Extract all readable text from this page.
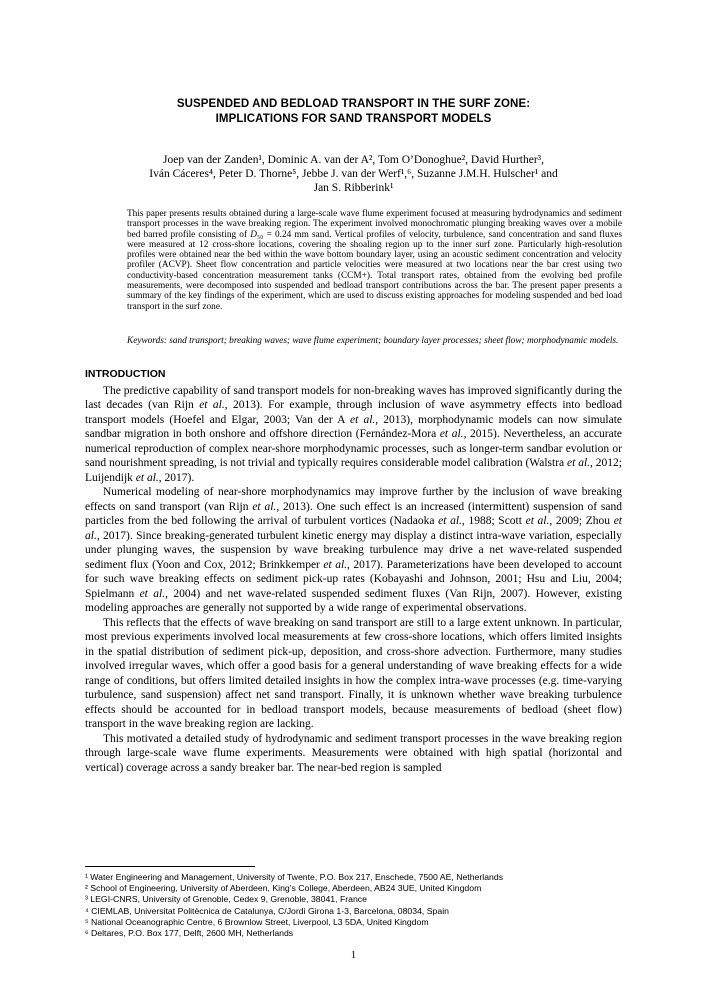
SUSPENDED AND BEDLOAD TRANSPORT IN THE SURF ZONE:
IMPLICATIONS FOR SAND TRANSPORT MODELS
Joep van der Zanden¹, Dominic A. van der A², Tom O’Donoghue², David Hurther³,
Iván Cáceres⁴, Peter D. Thorne⁵, Jebbe J. van der Werf¹,⁶, Suzanne J.M.H. Hulscher¹ and
Jan S. Ribberink¹

This paper presents results obtained during a large-scale wave flume experiment focused at measuring hydrodynamics and sediment transport processes in the wave breaking region. The experiment involved monochromatic plunging breaking waves over a mobile bed barred profile consisting of D₅₀ = 0.24 mm sand. Vertical profiles of velocity, turbulence, sand concentration and sand fluxes were measured at 12 cross-shore locations, covering the shoaling region up to the inner surf zone. Particularly high-resolution profiles were obtained near the bed within the wave bottom boundary layer, using an acoustic sediment concentration and velocity profiler (ACVP). Sheet flow concentration and particle velocities were measured at two locations near the bar crest using two conductivity-based concentration measurement tanks (CCM+). Total transport rates, obtained from the evolving bed profile measurements, were decomposed into suspended and bedload transport contributions across the bar. The present paper presents a summary of the key findings of the experiment, which are used to discuss existing approaches for modeling suspended and bed load transport in the surf zone.

Keywords: sand transport; breaking waves; wave flume experiment; boundary layer processes; sheet flow; morphodynamic models.

INTRODUCTION

The predictive capability of sand transport models for non-breaking waves has improved significantly during the last decades (van Rijn et al., 2013). For example, through inclusion of wave asymmetry effects into bedload transport models (Hoefel and Elgar, 2003; Van der A et al., 2013), morphodynamic models can now simulate sandbar migration in both onshore and offshore direction (Fernández-Mora et al., 2015). Nevertheless, an accurate numerical reproduction of complex near-shore morphodynamic processes, such as longer-term sandbar evolution or sand nourishment spreading, is not trivial and typically requires considerable model calibration (Walstra et al., 2012; Luijendijk et al., 2017).

Numerical modeling of near-shore morphodynamics may improve further by the inclusion of wave breaking effects on sand transport (van Rijn et al., 2013). One such effect is an increased (intermittent) suspension of sand particles from the bed following the arrival of turbulent vortices (Nadaoka et al., 1988; Scott et al., 2009; Zhou et al., 2017). Since breaking-generated turbulent kinetic energy may display a distinct intra-wave variation, especially under plunging waves, the suspension by wave breaking turbulence may drive a net wave-related suspended sediment flux (Yoon and Cox, 2012; Brinkkemper et al., 2017). Parameterizations have been developed to account for such wave breaking effects on sediment pick-up rates (Kobayashi and Johnson, 2001; Hsu and Liu, 2004; Spielmann et al., 2004) and net wave-related suspended sediment fluxes (Van Rijn, 2007). However, existing modeling approaches are generally not supported by a wide range of experimental observations.

This reflects that the effects of wave breaking on sand transport are still to a large extent unknown. In particular, most previous experiments involved local measurements at few cross-shore locations, which offers limited insights in the spatial distribution of sediment pick-up, deposition, and cross-shore advection. Furthermore, many studies involved irregular waves, which offer a good basis for a general understanding of wave breaking effects for a wide range of conditions, but offers limited detailed insights in how the complex intra-wave processes (e.g. time-varying turbulence, sand suspension) affect net sand transport. Finally, it is unknown whether wave breaking turbulence effects should be accounted for in bedload transport models, because measurements of bedload (sheet flow) transport in the wave breaking region are lacking.

This motivated a detailed study of hydrodynamic and sediment transport processes in the wave breaking region through large-scale wave flume experiments. Measurements were obtained with high spatial (horizontal and vertical) coverage across a sandy breaker bar. The near-bed region is sampled

¹ Water Engineering and Management, University of Twente, P.O. Box 217, Enschede, 7500 AE, Netherlands
² School of Engineering, University of Aberdeen, King’s College, Aberdeen, AB24 3UE, United Kingdom
³ LEGI-CNRS, University of Grenoble, Cedex 9, Grenoble, 38041, France
⁴ CIEMLAB, Universitat Politècnica de Catalunya, C/Jordi Girona 1-3, Barcelona, 08034, Spain
⁵ National Oceanographic Centre, 6 Brownlow Street, Liverpool, L3 5DA, United Kingdom
⁶ Deltares, P.O. Box 177, Delft, 2600 MH, Netherlands
1
